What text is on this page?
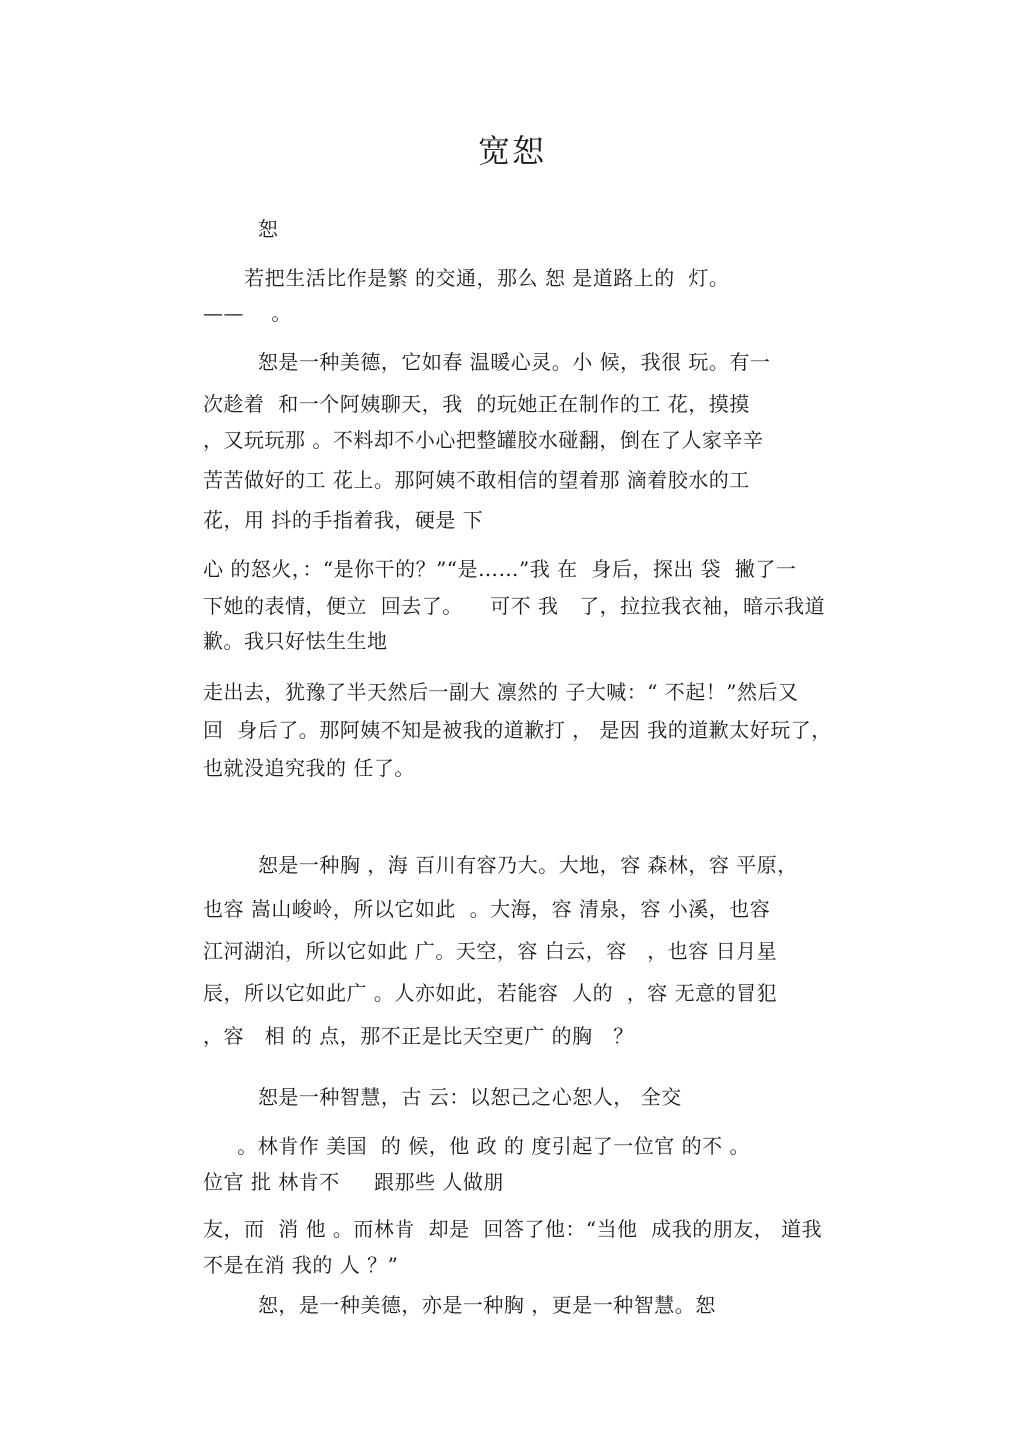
宽恕
恕
若把生活比作是繁 的交通，那么 恕 是道路上的  灯。
——    。
恕是一种美德，它如春 温暖心灵。小 候，我很 玩。有一
次趁着  和一个阿姨聊天，我  的玩她正在制作的工 花，摸摸
，又玩玩那 。不料却不小心把整罐胶水碰翻，倒在了人家辛辛
苦苦做好的工 花上。那阿姨不敢相信的望着那 滴着胶水的工
花，用 抖的手指着我，硬是 下
心 的怒火，：“是你干的？”“是……”我 在  身后，探出 袋  撇了一
下她的表情，便立  回去了。    可不 我   了，拉拉我衣袖，暗示我道
歉。我只好怯生生地
走出去，犹豫了半天然后一副大 凛然的 子大喊：“ 不起！”然后又
回  身后了。那阿姨不知是被我的道歉打 ， 是因 我的道歉太好玩了，
也就没追究我的 任了。
恕是一种胸 ，海 百川有容乃大。大地，容 森林，容 平原，
也容 嵩山峻岭，所以它如此  。大海，容 清泉，容 小溪，也容
江河湖泊，所以它如此 广。天空，容 白云，容   ，也容 日月星
辰，所以它如此广 。人亦如此，若能容  人的  ，容 无意的冒犯
，容   相 的 点，那不正是比天空更广 的胸   ？
恕是一种智慧，古 云：以恕己之心恕人， 全交
。林肯作 美国  的 候，他 政 的 度引起了一位官 的不 。
位官 批 林肯不     跟那些 人做朋
友，而  消 他 。而林肯  却是  回答了他：“当他  成我的朋友， 道我
不是在消 我的 人 ？”
恕，是一种美德，亦是一种胸 ，更是一种智慧。恕
